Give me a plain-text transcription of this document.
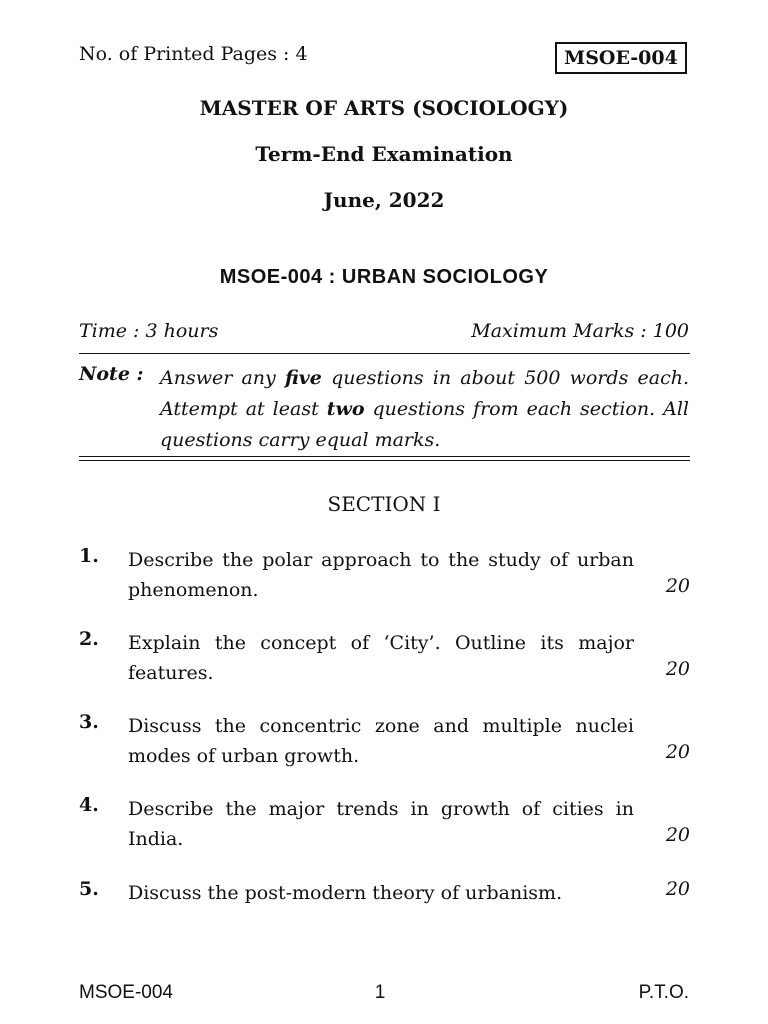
No. of Printed Pages : 4	MSOE-004
MASTER OF ARTS (SOCIOLOGY)
Term-End Examination
June, 2022
MSOE-004 : URBAN SOCIOLOGY
Time : 3 hours	Maximum Marks : 100
Note : Answer any five questions in about 500 words each. Attempt at least two questions from each section. All questions carry equal marks.
SECTION I
1. Describe the polar approach to the study of urban phenomenon.	20
2. Explain the concept of ‘City’. Outline its major features.	20
3. Discuss the concentric zone and multiple nuclei modes of urban growth.	20
4. Describe the major trends in growth of cities in India.	20
5. Discuss the post-modern theory of urbanism.	20
MSOE-004	1	P.T.O.
